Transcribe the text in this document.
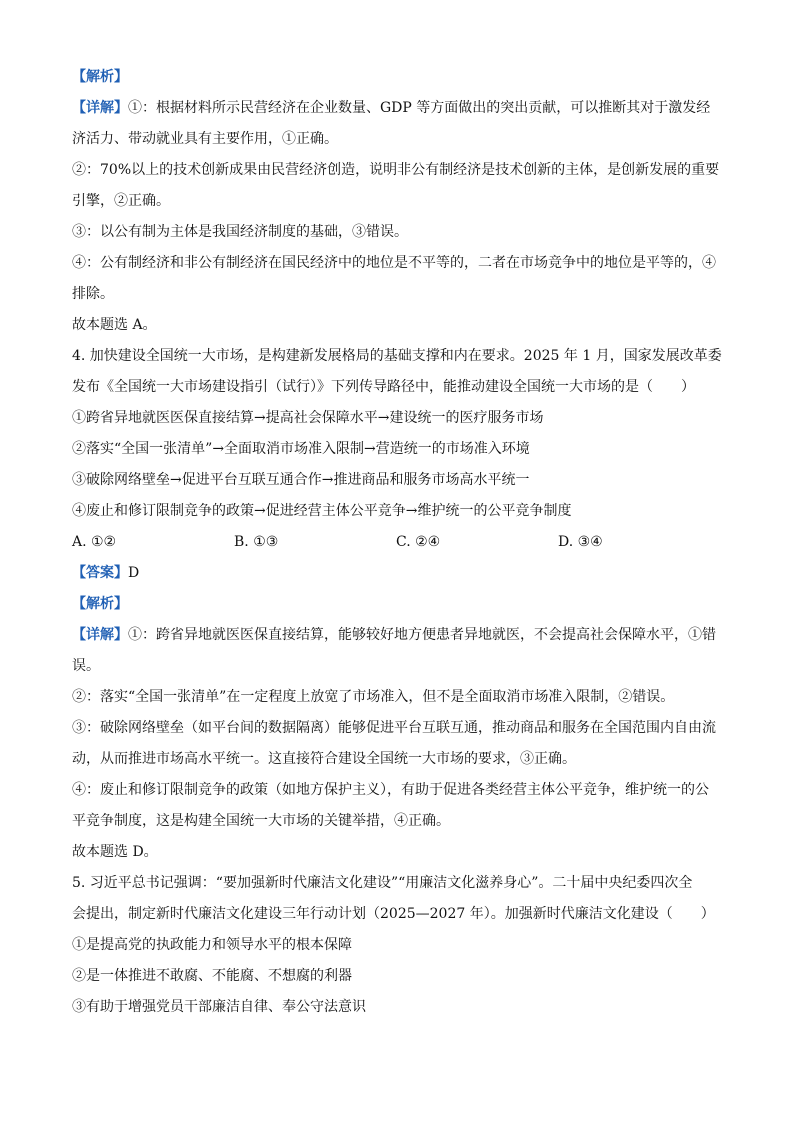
【解析】
【详解】①：根据材料所示民营经济在企业数量、GDP 等方面做出的突出贡献，可以推断其对于激发经
济活力、带动就业具有主要作用，①正确。
②：70%以上的技术创新成果由民营经济创造，说明非公有制经济是技术创新的主体，是创新发展的重要
引擎，②正确。
③：以公有制为主体是我国经济制度的基础，③错误。
④：公有制经济和非公有制经济在国民经济中的地位是不平等的，二者在市场竞争中的地位是平等的，④
排除。
故本题选 A。
4. 加快建设全国统一大市场，是构建新发展格局的基础支撑和内在要求。2025 年 1 月，国家发展改革委
发布《全国统一大市场建设指引（试行）》下列传导路径中，能推动建设全国统一大市场的是（　　）
①跨省异地就医医保直接结算→提高社会保障水平→建设统一的医疗服务市场
②落实“全国一张清单”→全面取消市场准入限制→营造统一的市场准入环境
③破除网络壁垒→促进平台互联互通合作→推进商品和服务市场高水平统一
④废止和修订限制竞争的政策→促进经营主体公平竞争→维护统一的公平竞争制度
A. ①②	B. ①③	C. ②④	D. ③④
【答案】D
【解析】
【详解】①：跨省异地就医医保直接结算，能够较好地方便患者异地就医，不会提高社会保障水平，①错
误。
②：落实“全国一张清单”在一定程度上放宽了市场准入，但不是全面取消市场准入限制，②错误。
③：破除网络壁垒（如平台间的数据隔离）能够促进平台互联互通，推动商品和服务在全国范围内自由流
动，从而推进市场高水平统一。这直接符合建设全国统一大市场的要求，③正确。
④：废止和修订限制竞争的政策（如地方保护主义），有助于促进各类经营主体公平竞争，维护统一的公
平竞争制度，这是构建全国统一大市场的关键举措，④正确。
故本题选 D。
5. 习近平总书记强调：“要加强新时代廉洁文化建设”“用廉洁文化滋养身心”。二十届中央纪委四次全
会提出，制定新时代廉洁文化建设三年行动计划（2025—2027 年）。加强新时代廉洁文化建设（　　）
①是提高党的执政能力和领导水平的根本保障
②是一体推进不敢腐、不能腐、不想腐的利器
③有助于增强党员干部廉洁自律、奉公守法意识
